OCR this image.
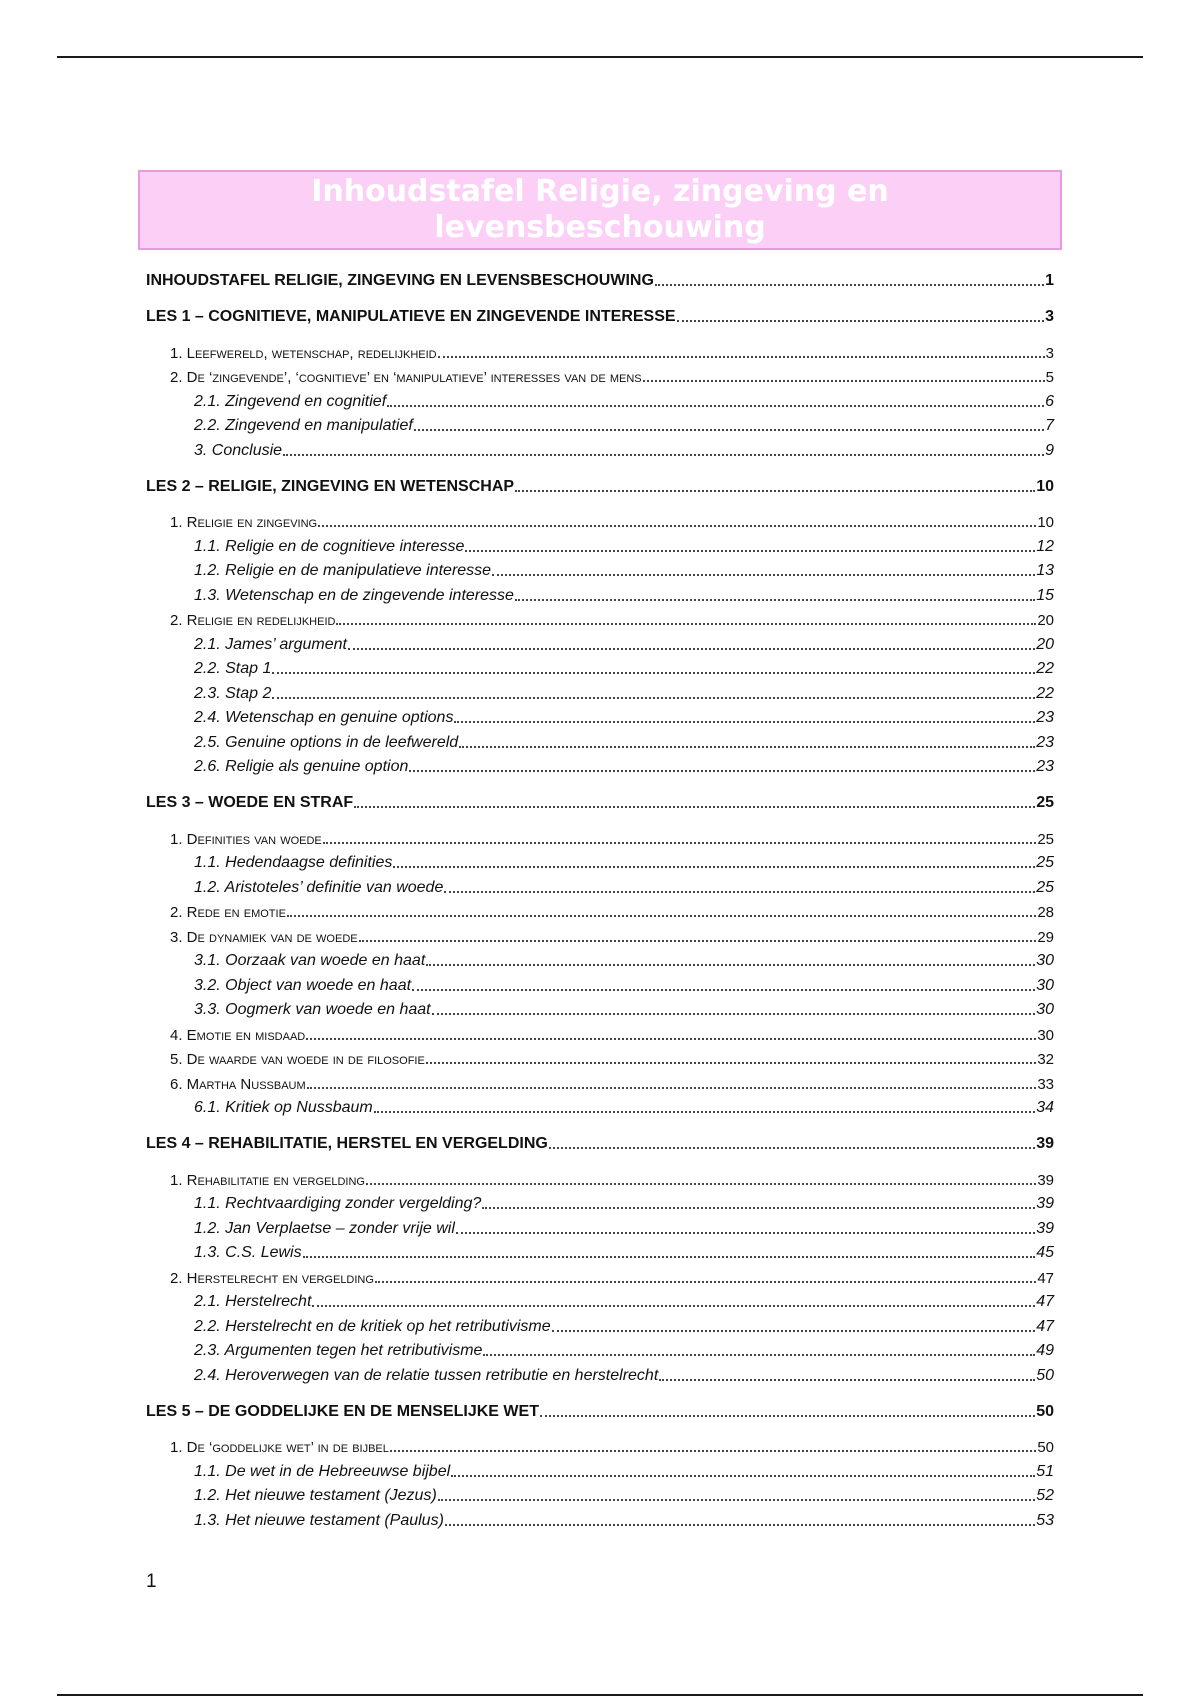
Inhoudstafel Religie, zingeving en levensbeschouwing
INHOUDSTAFEL RELIGIE, ZINGEVING EN LEVENSBESCHOUWING	1
LES 1 – COGNITIEVE, MANIPULATIEVE EN ZINGEVENDE INTERESSE	3
1. Leefwereld, wetenschap, redelijkheid	3
2. De ‘zingevende’, ‘cognitieve’ en ‘manipulatieve’ interesses van de mens	5
2.1. Zingevend en cognitief	6
2.2. Zingevend en manipulatief	7
3. Conclusie	9
LES 2 – RELIGIE, ZINGEVING EN WETENSCHAP	10
1. Religie en zingeving	10
1.1. Religie en de cognitieve interesse	12
1.2. Religie en de manipulatieve interesse	13
1.3. Wetenschap en de zingevende interesse	15
2. Religie en redelijkheid	20
2.1. James’ argument	20
2.2. Stap 1	22
2.3. Stap 2	22
2.4. Wetenschap en genuine options	23
2.5. Genuine options in de leefwereld	23
2.6. Religie als genuine option	23
LES 3 – WOEDE EN STRAF	25
1. Definities van woede	25
1.1. Hedendaagse definities	25
1.2. Aristoteles’ definitie van woede	25
2. Rede en emotie	28
3. De dynamiek van de woede	29
3.1. Oorzaak van woede en haat	30
3.2. Object van woede en haat	30
3.3. Oogmerk van woede en haat	30
4. Emotie en misdaad	30
5. De waarde van woede in de filosofie	32
6. Martha Nussbaum	33
6.1. Kritiek op Nussbaum	34
LES 4 – REHABILITATIE, HERSTEL EN VERGELDING	39
1. Rehabilitatie en vergelding	39
1.1. Rechtvaardiging zonder vergelding?	39
1.2. Jan Verplaetse – zonder vrije wil	39
1.3. C.S. Lewis	45
2. Herstelrecht en vergelding	47
2.1. Herstelrecht	47
2.2. Herstelrecht en de kritiek op het retributivisme	47
2.3. Argumenten tegen het retributivisme	49
2.4. Heroverwegen van de relatie tussen retributie en herstelrecht	50
LES 5 – DE GODDELIJKE EN DE MENSELIJKE WET	50
1. De ‘goddelijke wet’ in de bijbel	50
1.1. De wet in de Hebreeuwse bijbel	51
1.2. Het nieuwe testament (Jezus)	52
1.3. Het nieuwe testament (Paulus)	53
1
